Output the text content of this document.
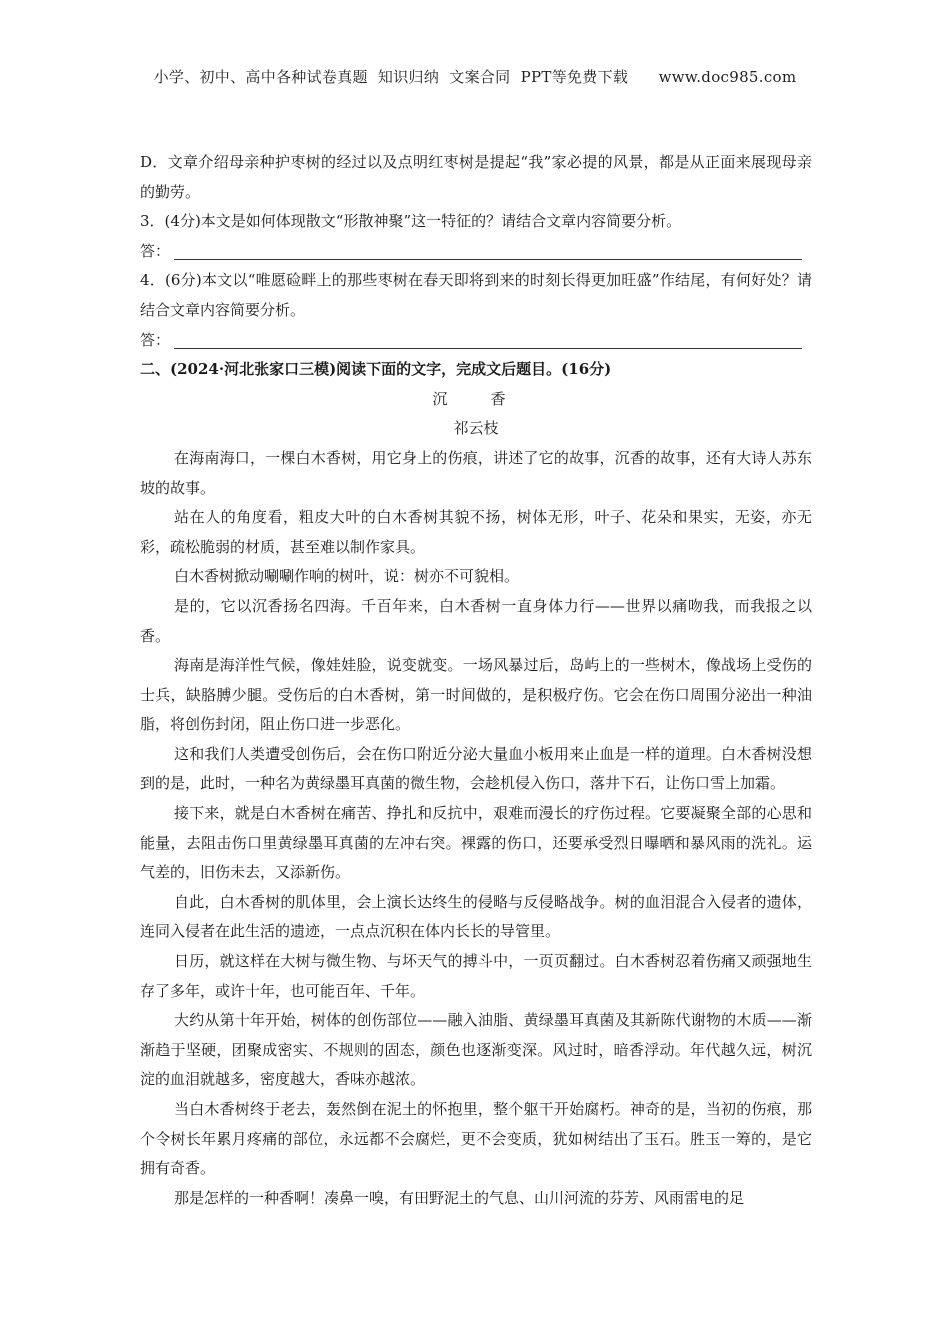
小学、初中、高中各种试卷真题  知识归纳  文案合同  PPT等免费下载      www.doc985.com

D．文章介绍母亲种护枣树的经过以及点明红枣树是提起“我”家必提的风景，都是从正面来展现母亲的勤劳。

3．(4分)本文是如何体现散文“形散神聚”这一特征的？请结合文章内容简要分析。

答：

4．(6分)本文以“唯愿硷畔上的那些枣树在春天即将到来的时刻长得更加旺盛”作结尾，有何好处？请结合文章内容简要分析。

答：

二、(2024·河北张家口三模)阅读下面的文字，完成文后题目。(16分)

沉　香

祁云枝

在海南海口，一棵白木香树，用它身上的伤痕，讲述了它的故事，沉香的故事，还有大诗人苏东坡的故事。

站在人的角度看，粗皮大叶的白木香树其貌不扬，树体无形，叶子、花朵和果实，无姿，亦无彩，疏松脆弱的材质，甚至难以制作家具。

白木香树掀动唰唰作响的树叶，说：树亦不可貌相。

是的，它以沉香扬名四海。千百年来，白木香树一直身体力行——世界以痛吻我，而我报之以香。

海南是海洋性气候，像娃娃脸，说变就变。一场风暴过后，岛屿上的一些树木，像战场上受伤的士兵，缺胳膊少腿。受伤后的白木香树，第一时间做的，是积极疗伤。它会在伤口周围分泌出一种油脂，将创伤封闭，阻止伤口进一步恶化。

这和我们人类遭受创伤后，会在伤口附近分泌大量血小板用来止血是一样的道理。白木香树没想到的是，此时，一种名为黄绿墨耳真菌的微生物，会趁机侵入伤口，落井下石，让伤口雪上加霜。

接下来，就是白木香树在痛苦、挣扎和反抗中，艰难而漫长的疗伤过程。它要凝聚全部的心思和能量，去阻击伤口里黄绿墨耳真菌的左冲右突。裸露的伤口，还要承受烈日曝晒和暴风雨的洗礼。运气差的，旧伤未去，又添新伤。

自此，白木香树的肌体里，会上演长达终生的侵略与反侵略战争。树的血泪混合入侵者的遗体，连同入侵者在此生活的遗迹，一点点沉积在体内长长的导管里。

日历，就这样在大树与微生物、与坏天气的搏斗中，一页页翻过。白木香树忍着伤痛又顽强地生存了多年，或许十年，也可能百年、千年。

大约从第十年开始，树体的创伤部位——融入油脂、黄绿墨耳真菌及其新陈代谢物的木质——渐渐趋于坚硬，团聚成密实、不规则的固态，颜色也逐渐变深。风过时，暗香浮动。年代越久远，树沉淀的血泪就越多，密度越大，香味亦越浓。

当白木香树终于老去，轰然倒在泥土的怀抱里，整个躯干开始腐朽。神奇的是，当初的伤痕，那个令树长年累月疼痛的部位，永远都不会腐烂，更不会变质，犹如树结出了玉石。胜玉一筹的，是它拥有奇香。

那是怎样的一种香啊！凑鼻一嗅，有田野泥土的气息、山川河流的芬芳、风雨雷电的足
